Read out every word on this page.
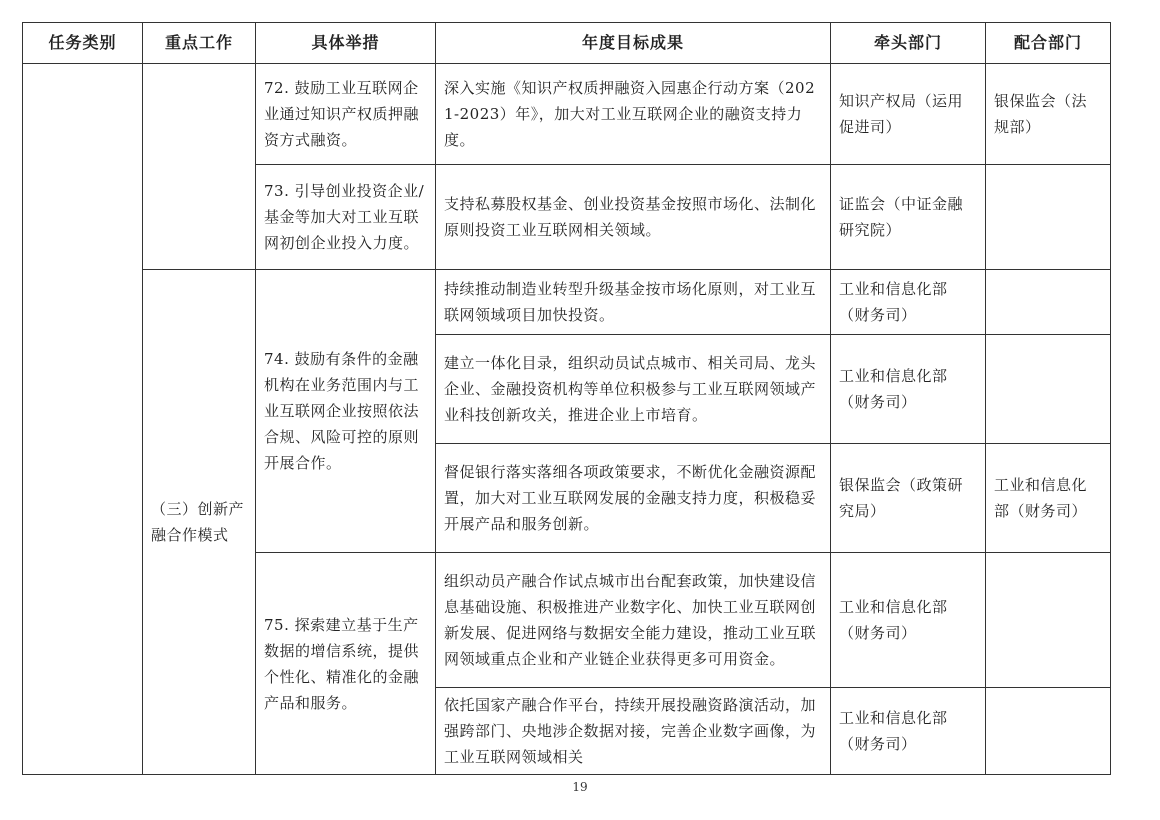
任务类别	重点工作	具体举措	年度目标成果	牵头部门	配合部门
		72. 鼓励工业互联网企业通过知识产权质押融资方式融资。	深入实施《知识产权质押融资入园惠企行动方案（2021-2023）年》，加大对工业互联网企业的融资支持力度。	知识产权局（运用促进司）	银保监会（法规部）
		73. 引导创业投资企业/基金等加大对工业互联网初创企业投入力度。	支持私募股权基金、创业投资基金按照市场化、法制化原则投资工业互联网相关领域。	证监会（中证金融研究院）	
	（三）创新产融合作模式	74. 鼓励有条件的金融机构在业务范围内与工业互联网企业按照依法合规、风险可控的原则开展合作。	持续推动制造业转型升级基金按市场化原则，对工业互联网领域项目加快投资。	工业和信息化部（财务司）	
			建立一体化目录，组织动员试点城市、相关司局、龙头企业、金融投资机构等单位积极参与工业互联网领域产业科技创新攻关，推进企业上市培育。	工业和信息化部（财务司）	
			督促银行落实落细各项政策要求，不断优化金融资源配置，加大对工业互联网发展的金融支持力度，积极稳妥开展产品和服务创新。	银保监会（政策研究局）	工业和信息化部（财务司）
		75. 探索建立基于生产数据的增信系统，提供个性化、精准化的金融产品和服务。	组织动员产融合作试点城市出台配套政策，加快建设信息基础设施、积极推进产业数字化、加快工业互联网创新发展、促进网络与数据安全能力建设，推动工业互联网领域重点企业和产业链企业获得更多可用资金。	工业和信息化部（财务司）	
			依托国家产融合作平台，持续开展投融资路演活动，加强跨部门、央地涉企数据对接，完善企业数字画像，为工业互联网领域相关	工业和信息化部（财务司）	
19
